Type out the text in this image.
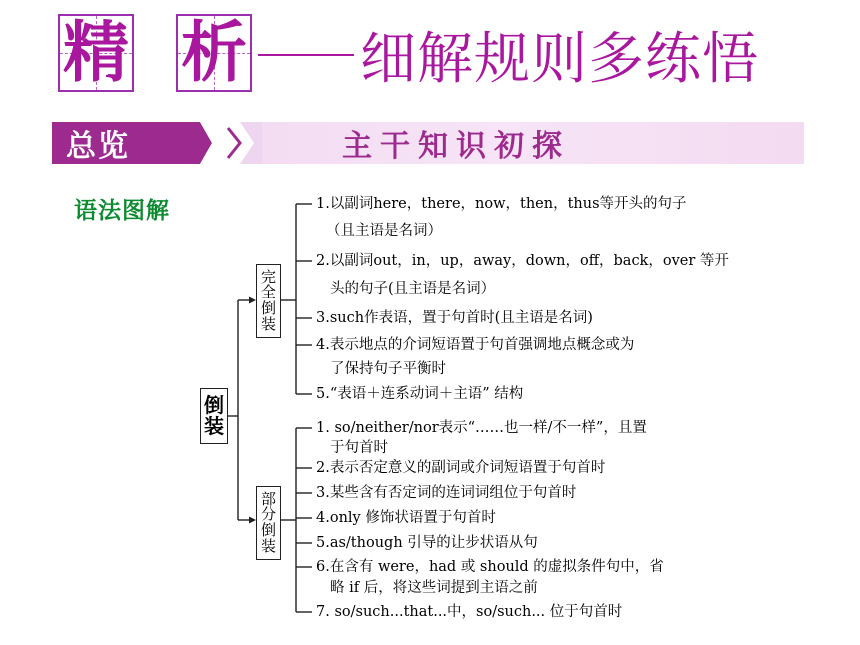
精 析 细解规则多练悟
总览	主干知识初探
语法图解
倒
装
完
全
倒
装
部
分
倒
装
1.以副词here，there，now，then，thus等开头的句子
（且主语是名词）
2.以副词out，in，up，away，down，off，back，over 等开
头的句子(且主语是名词）
3.such作表语，置于句首时(且主语是名词)
4.表示地点的介词短语置于句首强调地点概念或为
了保持句子平衡时
5.“表语＋连系动词＋主语” 结构
1. so/neither/nor表示“……也一样/不一样”，且置
于句首时
2.表示否定意义的副词或介词短语置于句首时
3.某些含有否定词的连词词组位于句首时
4.only 修饰状语置于句首时
5.as/though 引导的让步状语从句
6.在含有 were，had 或 should 的虚拟条件句中，省
略 if 后，将这些词提到主语之前
7. so/such...that...中，so/such... 位于句首时
